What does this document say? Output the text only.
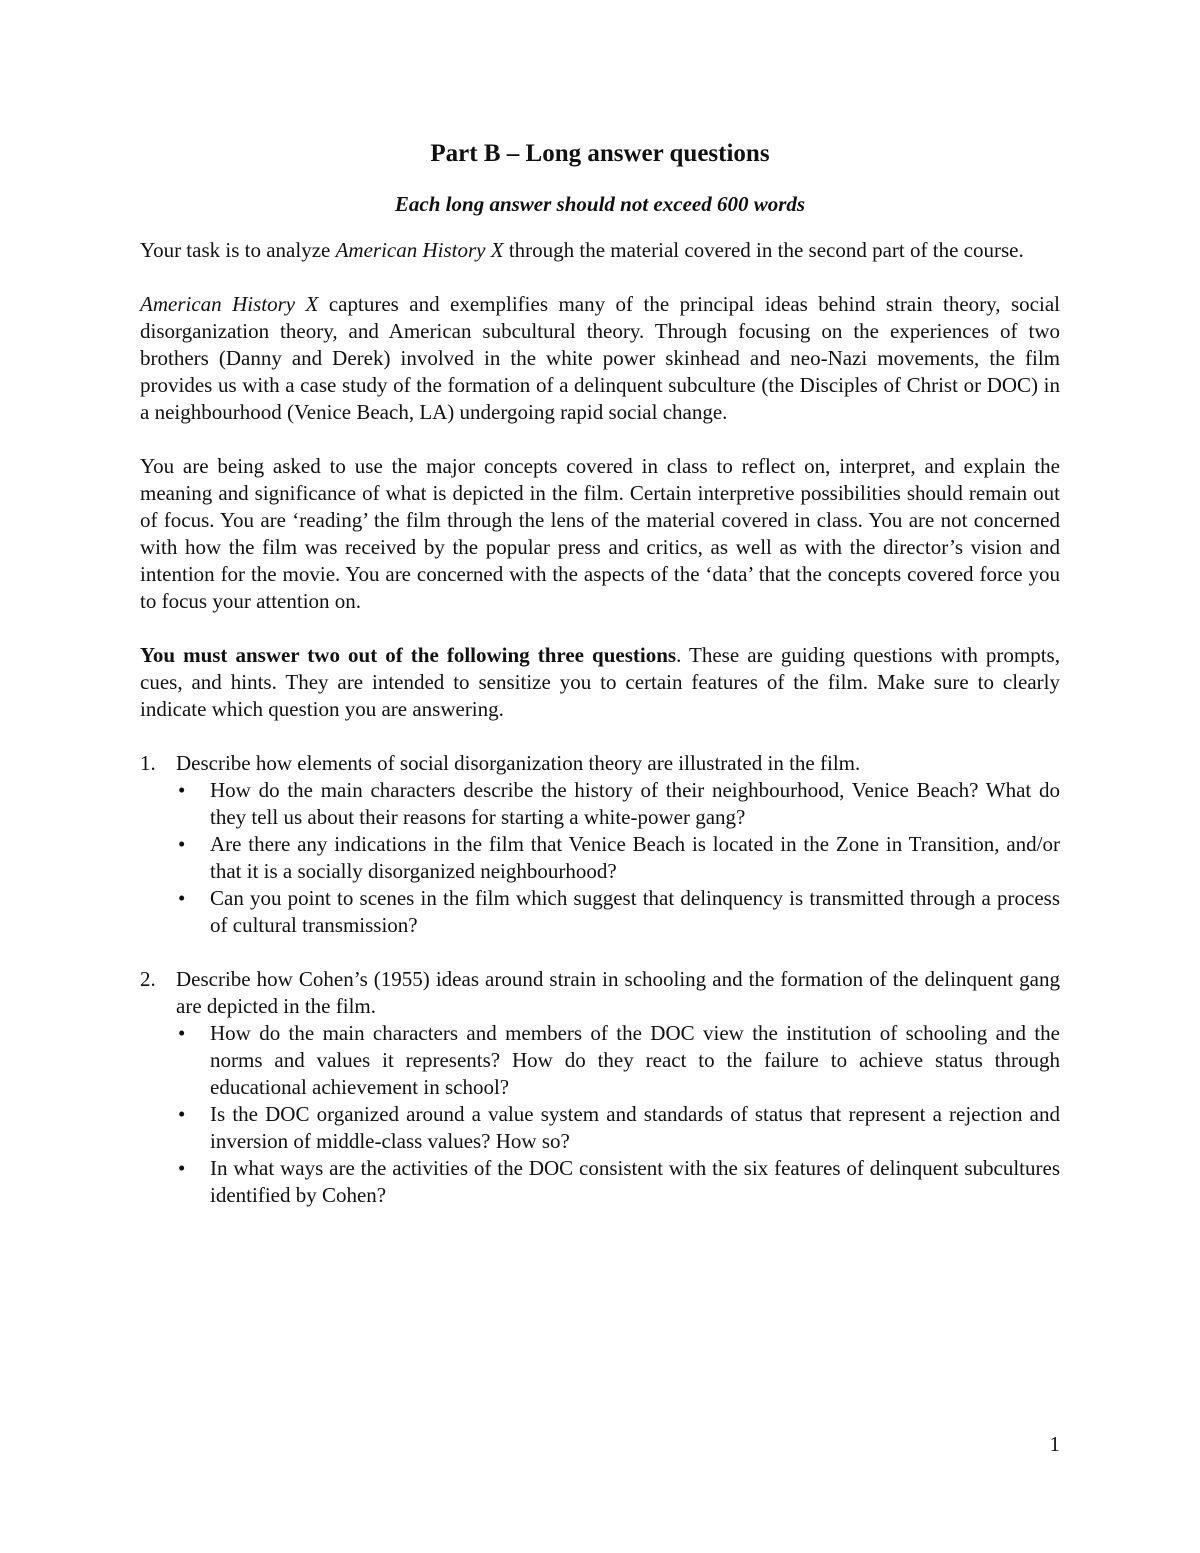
Part B – Long answer questions
Each long answer should not exceed 600 words

Your task is to analyze American History X through the material covered in the second part of the course.

American History X captures and exemplifies many of the principal ideas behind strain theory, social disorganization theory, and American subcultural theory. Through focusing on the experiences of two brothers (Danny and Derek) involved in the white power skinhead and neo-Nazi movements, the film provides us with a case study of the formation of a delinquent subculture (the Disciples of Christ or DOC) in a neighbourhood (Venice Beach, LA) undergoing rapid social change.

You are being asked to use the major concepts covered in class to reflect on, interpret, and explain the meaning and significance of what is depicted in the film. Certain interpretive possibilities should remain out of focus. You are ‘reading’ the film through the lens of the material covered in class. You are not concerned with how the film was received by the popular press and critics, as well as with the director’s vision and intention for the movie. You are concerned with the aspects of the ‘data’ that the concepts covered force you to focus your attention on.

You must answer two out of the following three questions. These are guiding questions with prompts, cues, and hints. They are intended to sensitize you to certain features of the film. Make sure to clearly indicate which question you are answering.

1. Describe how elements of social disorganization theory are illustrated in the film.
•	How do the main characters describe the history of their neighbourhood, Venice Beach? What do they tell us about their reasons for starting a white-power gang?
•	Are there any indications in the film that Venice Beach is located in the Zone in Transition, and/or that it is a socially disorganized neighbourhood?
•	Can you point to scenes in the film which suggest that delinquency is transmitted through a process of cultural transmission?
2. Describe how Cohen’s (1955) ideas around strain in schooling and the formation of the delinquent gang are depicted in the film.
•	How do the main characters and members of the DOC view the institution of schooling and the norms and values it represents? How do they react to the failure to achieve status through educational achievement in school?
•	Is the DOC organized around a value system and standards of status that represent a rejection and inversion of middle-class values? How so?
•	In what ways are the activities of the DOC consistent with the six features of delinquent subcultures identified by Cohen?
1
